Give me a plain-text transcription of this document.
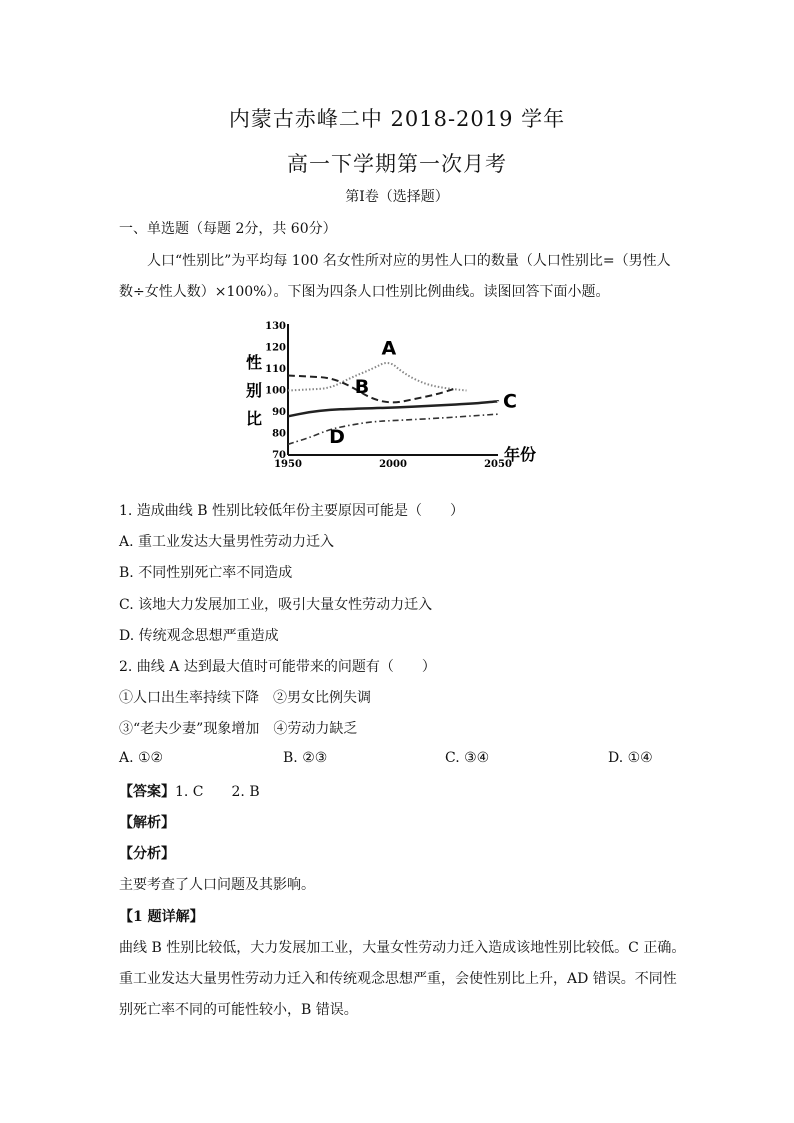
内蒙古赤峰二中 2018-2019 学年
高一下学期第一次月考
第Ⅰ卷（选择题）
一、单选题（每题 2分，共 60分）
人口“性别比”为平均每 100 名女性所对应的男性人口的数量（人口性别比=（男性人
数÷女性人数）×100%）。下图为四条人口性别比例曲线。读图回答下面小题。
130
120
110
100
90
80
70
1950	2000	2050
性
别
比
年份
A
B
C
D
1. 造成曲线 B 性别比较低年份主要原因可能是（　　）
A. 重工业发达大量男性劳动力迁入
B. 不同性别死亡率不同造成
C. 该地大力发展加工业，吸引大量女性劳动力迁入
D. 传统观念思想严重造成
2. 曲线 A 达到最大值时可能带来的问题有（　　）
①人口出生率持续下降　②男女比例失调
③“老夫少妻”现象增加　④劳动力缺乏
A. ①②	B. ②③	C. ③④	D. ①④
【答案】1. C　　2. B
【解析】
【分析】
主要考查了人口问题及其影响。
【1 题详解】
曲线 B 性别比较低，大力发展加工业，大量女性劳动力迁入造成该地性别比较低。C 正确。
重工业发达大量男性劳动力迁入和传统观念思想严重，会使性别比上升，AD 错误。不同性
别死亡率不同的可能性较小，B 错误。
